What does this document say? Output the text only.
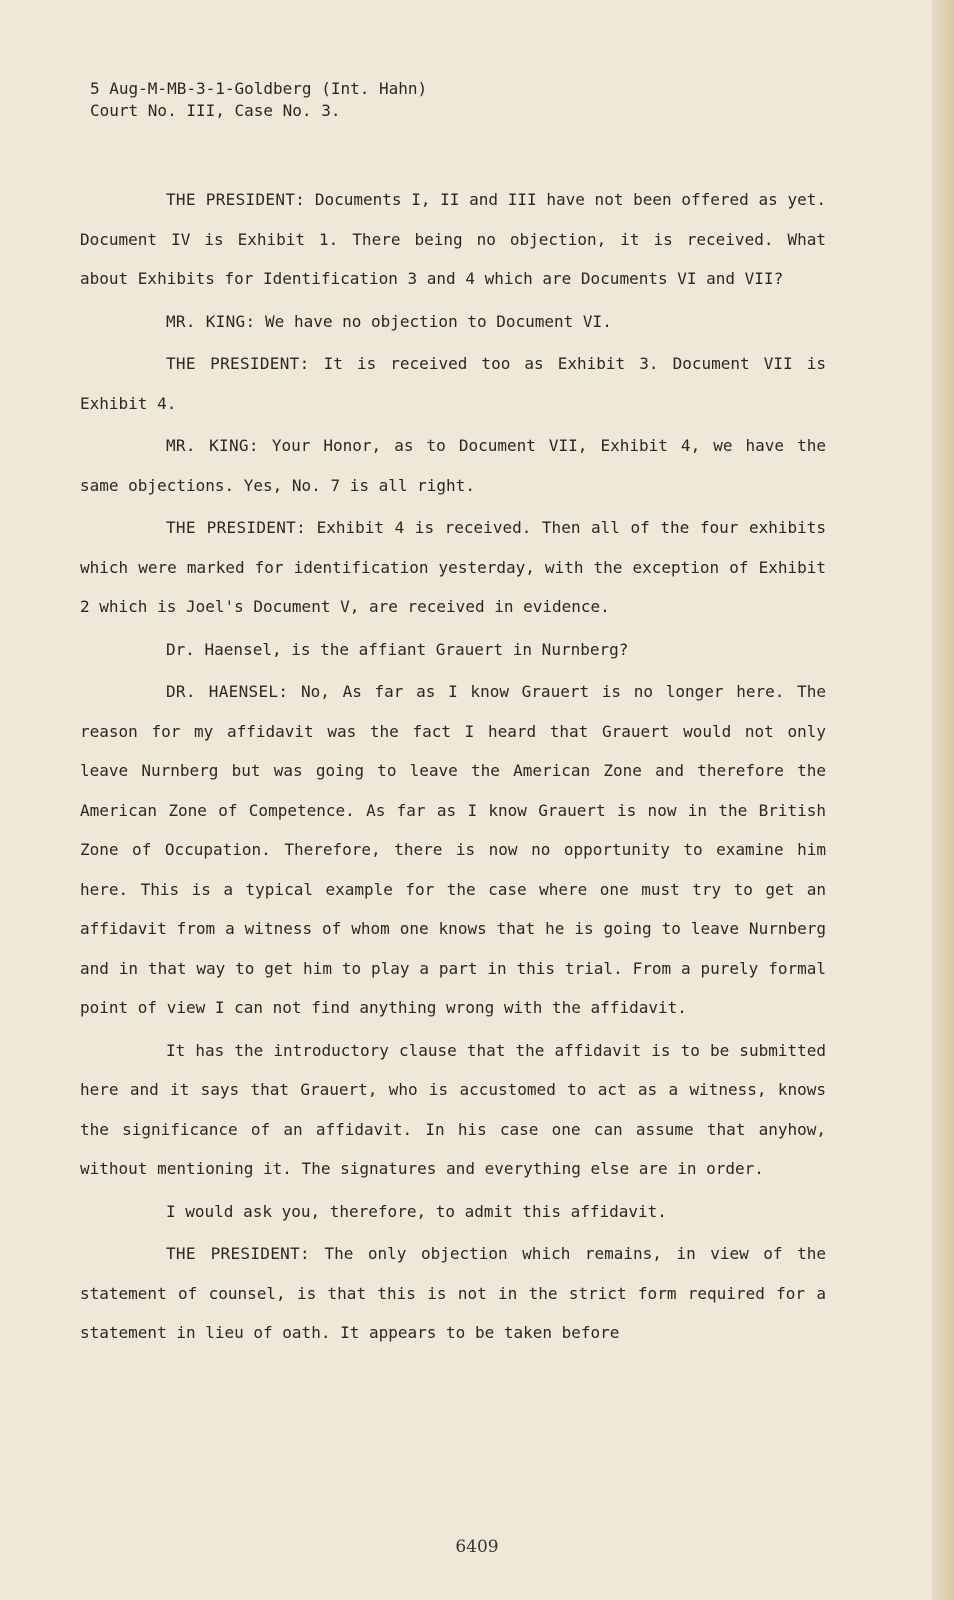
5 Aug-M-MB-3-1-Goldberg (Int. Hahn)
Court No. III, Case No. 3.

THE PRESIDENT: Documents I, II and III have not been offered as yet. Document IV is Exhibit 1. There being no objection, it is received. What about Exhibits for Identification 3 and 4 which are Documents VI and VII?

MR. KING: We have no objection to Document VI.

THE PRESIDENT: It is received too as Exhibit 3. Document VII is Exhibit 4.

MR. KING: Your Honor, as to Document VII, Exhibit 4, we have the same objections. Yes, No. 7 is all right.

THE PRESIDENT: Exhibit 4 is received. Then all of the four exhibits which were marked for identification yesterday, with the exception of Exhibit 2 which is Joel's Document V, are received in evidence.

Dr. Haensel, is the affiant Grauert in Nurnberg?

DR. HAENSEL: No, As far as I know Grauert is no longer here. The reason for my affidavit was the fact I heard that Grauert would not only leave Nurnberg but was going to leave the American Zone and therefore the American Zone of Competence. As far as I know Grauert is now in the British Zone of Occupation. Therefore, there is now no opportunity to examine him here. This is a typical example for the case where one must try to get an affidavit from a witness of whom one knows that he is going to leave Nurnberg and in that way to get him to play a part in this trial. From a purely formal point of view I can not find anything wrong with the affidavit.

It has the introductory clause that the affidavit is to be submitted here and it says that Grauert, who is accustomed to act as a witness, knows the significance of an affidavit. In his case one can assume that anyhow, without mentioning it. The signatures and everything else are in order.

I would ask you, therefore, to admit this affidavit.

THE PRESIDENT: The only objection which remains, in view of the statement of counsel, is that this is not in the strict form required for a statement in lieu of oath. It appears to be taken before

6409
